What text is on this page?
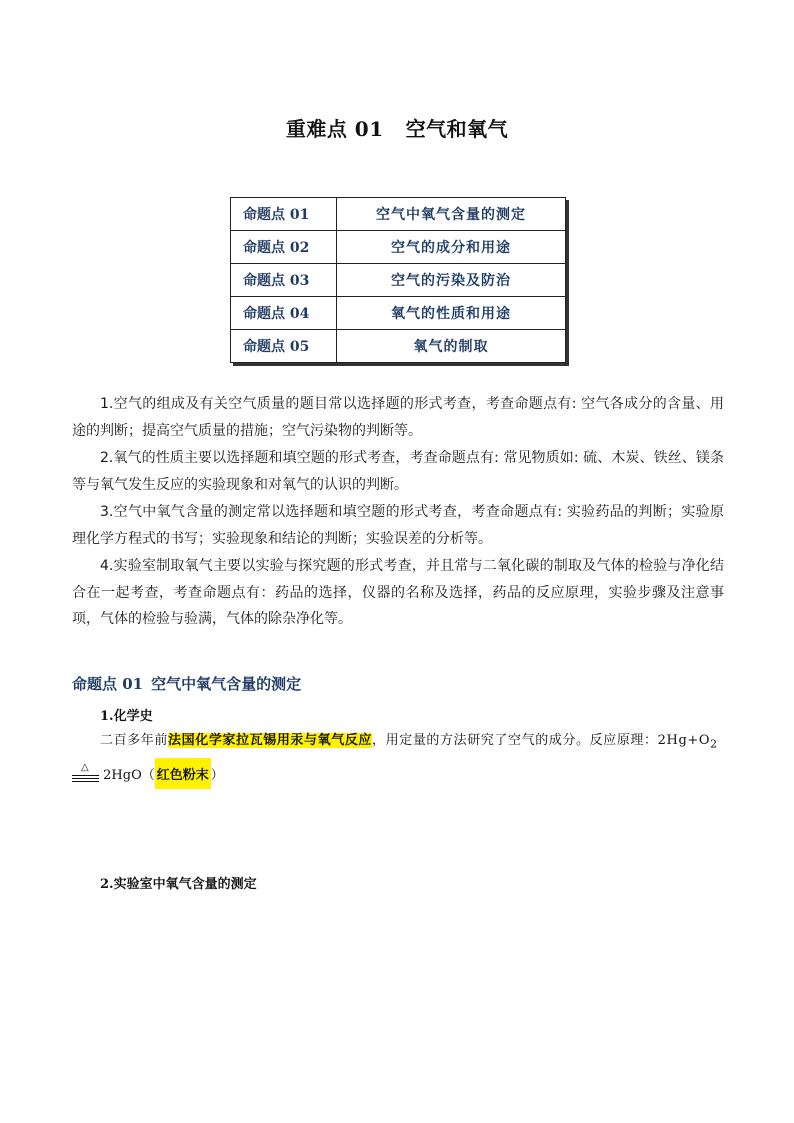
重难点 01 空气和氧气
命题点 01	空气中氧气含量的测定
命题点 02	空气的成分和用途
命题点 03	空气的污染及防治
命题点 04	氧气的性质和用途
命题点 05	氧气的制取
1.空气的组成及有关空气质量的题目常以选择题的形式考查，考查命题点有: 空气各成分的含量、用途的判断；提高空气质量的措施；空气污染物的判断等。
2.氧气的性质主要以选择题和填空题的形式考查，考查命题点有: 常见物质如: 硫、木炭、铁丝、镁条等与氧气发生反应的实验现象和对氧气的认识的判断。
3.空气中氧气含量的测定常以选择题和填空题的形式考查，考查命题点有: 实验药品的判断；实验原理化学方程式的书写；实验现象和结论的判断；实验误差的分析等。
4.实验室制取氧气主要以实验与探究题的形式考查，并且常与二氧化碳的制取及气体的检验与净化结合在一起考查，考查命题点有：药品的选择，仪器的名称及选择，药品的反应原理，实验步骤及注意事项，气体的检验与验满，气体的除杂净化等。
命题点 01 空气中氧气含量的测定
1.化学史
二百多年前法国化学家拉瓦锡用汞与氧气反应，用定量的方法研究了空气的成分。反应原理：$2Hg+O_2$
△
2HgO（ 红色粉末 ）
2.实验室中氧气含量的测定
